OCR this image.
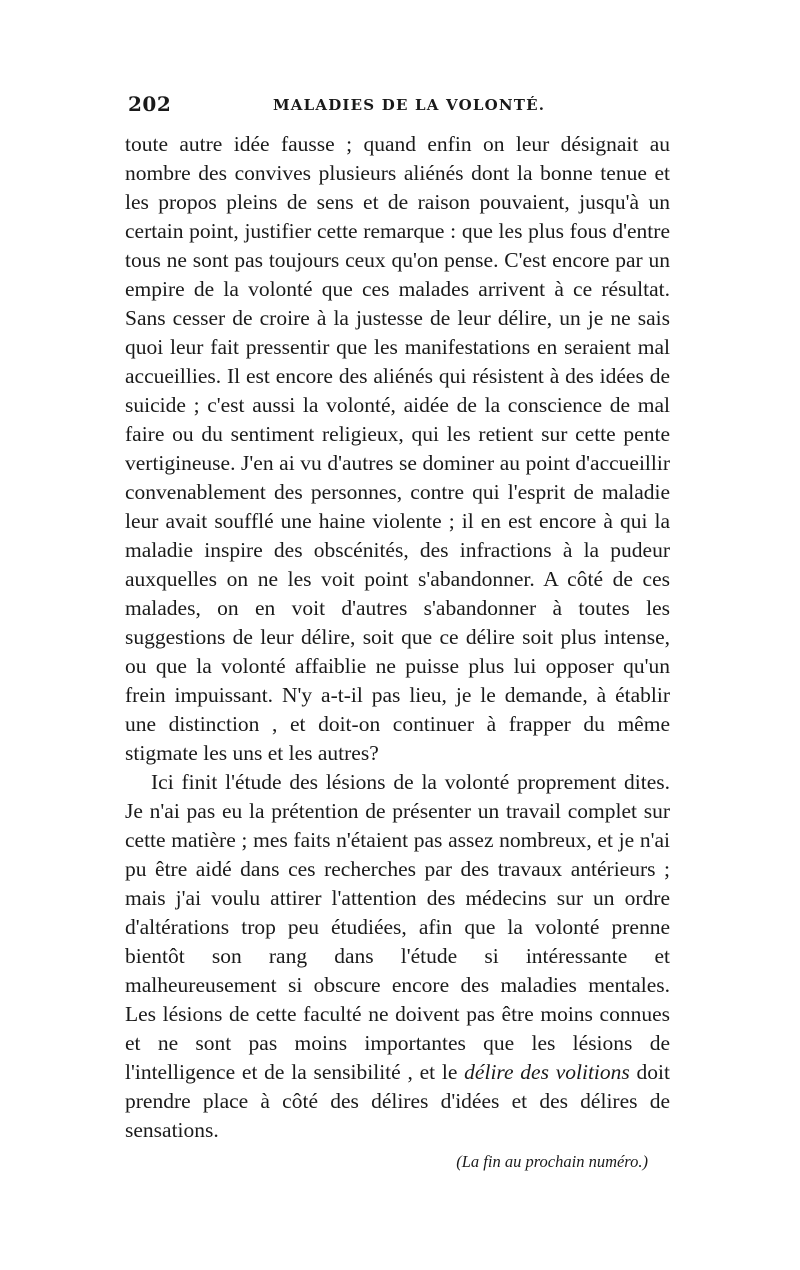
202	MALADIES DE LA VOLONTÉ.

toute autre idée fausse ; quand enfin on leur désignait au nombre des convives plusieurs aliénés dont la bonne tenue et les propos pleins de sens et de raison pouvaient, jusqu'à un certain point, justifier cette remarque : que les plus fous d'entre tous ne sont pas toujours ceux qu'on pense. C'est encore par un empire de la volonté que ces malades arrivent à ce résultat. Sans cesser de croire à la justesse de leur délire, un je ne sais quoi leur fait pressentir que les manifestations en seraient mal accueillies. Il est encore des aliénés qui résistent à des idées de suicide ; c'est aussi la volonté, aidée de la conscience de mal faire ou du sentiment religieux, qui les retient sur cette pente vertigineuse. J'en ai vu d'autres se dominer au point d'accueillir convenablement des personnes, contre qui l'esprit de maladie leur avait soufflé une haine violente ; il en est encore à qui la maladie inspire des obscénités, des infractions à la pudeur auxquelles on ne les voit point s'abandonner. A côté de ces malades, on en voit d'autres s'abandonner à toutes les suggestions de leur délire, soit que ce délire soit plus intense, ou que la volonté affaiblie ne puisse plus lui opposer qu'un frein impuissant. N'y a-t-il pas lieu, je le demande, à établir une distinction , et doit-on continuer à frapper du même stigmate les uns et les autres?

Ici finit l'étude des lésions de la volonté proprement dites. Je n'ai pas eu la prétention de présenter un travail complet sur cette matière ; mes faits n'étaient pas assez nombreux, et je n'ai pu être aidé dans ces recherches par des travaux antérieurs ; mais j'ai voulu attirer l'attention des médecins sur un ordre d'altérations trop peu étudiées, afin que la volonté prenne bientôt son rang dans l'étude si intéressante et malheureusement si obscure encore des maladies mentales. Les lésions de cette faculté ne doivent pas être moins connues et ne sont pas moins importantes que les lésions de l'intelligence et de la sensibilité , et le délire des volitions doit prendre place à côté des délires d'idées et des délires de sensations.

(La fin au prochain numéro.)
